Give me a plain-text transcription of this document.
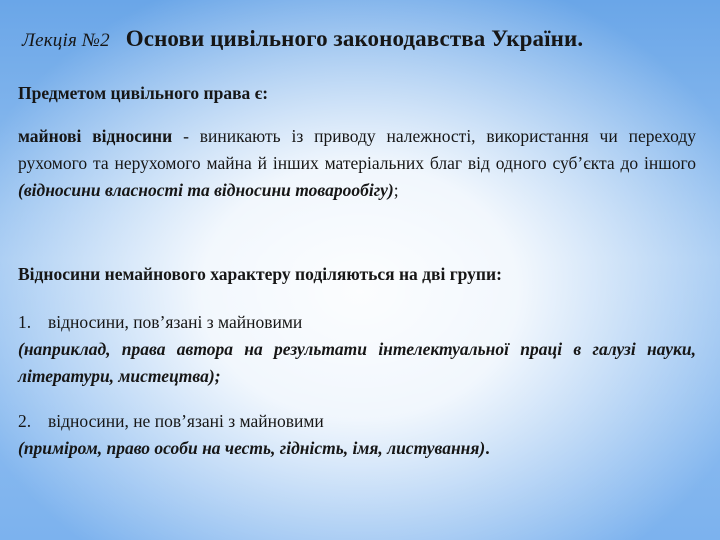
Лекція №2 Основи цивільного законодавства України.
Предметом цивільного права є:
майнові відносини - виникають із приводу належності, використання чи переходу рухомого та нерухомого майна й інших матеріальних благ від одного суб’єкта до іншого (відносини власності та відносини товарообігу);
Відносини немайнового характеру поділяються на дві групи:
1. відносини, пов’язані з майновими
(наприклад, права автора на результати інтелектуальної праці в галузі науки, літератури, мистецтва);
2. відносини, не пов’язані з майновими
(приміром, право особи на честь, гідність, імя, листування).
